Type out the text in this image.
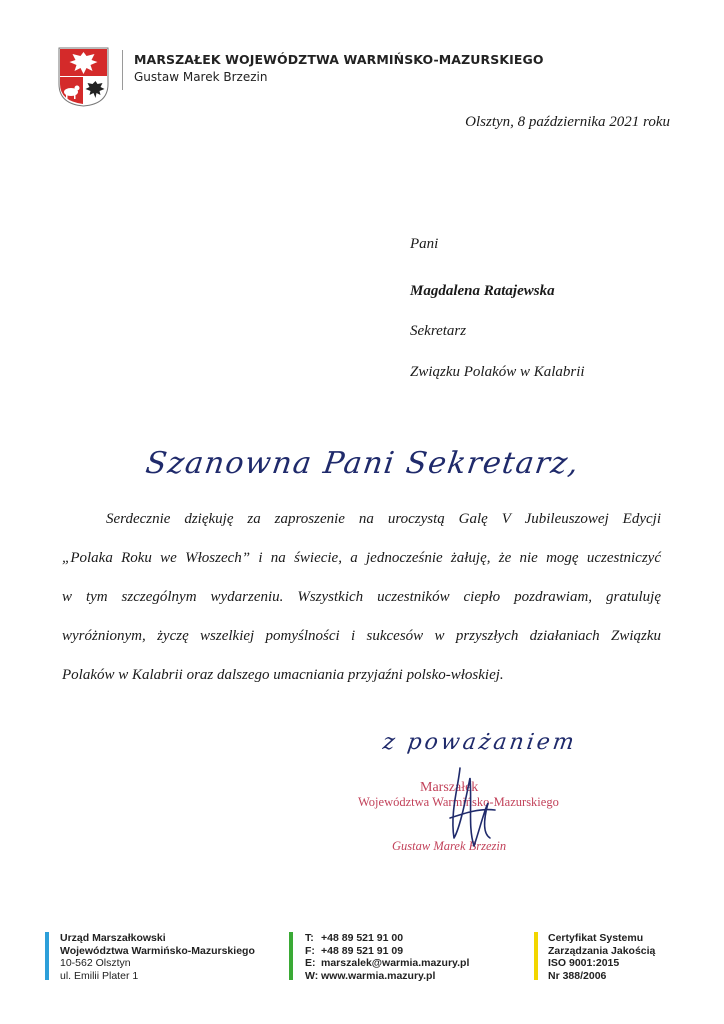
MARSZAŁEK WOJEWÓDZTWA WARMIŃSKO-MAZURSKIEGO
Gustaw Marek Brzezin
Olsztyn, 8 października 2021 roku
Pani
Magdalena Ratajewska
Sekretarz
Związku Polaków w Kalabrii
Szanowna Pani Sekretarz,
Serdecznie dziękuję za zaproszenie na uroczystą Galę V Jubileuszowej Edycji
„Polaka Roku we Włoszech” i na świecie, a jednocześnie żałuję, że nie mogę uczestniczyć
w tym szczególnym wydarzeniu. Wszystkich uczestników ciepło pozdrawiam, gratuluję
wyróżnionym, życzę wszelkiej pomyślności i sukcesów w przyszłych działaniach Związku
Polaków w Kalabrii oraz dalszego umacniania przyjaźni polsko-włoskiej.
z poważaniem
Marszałek
Województwa Warmińsko-Mazurskiego
Gustaw Marek Brzezin
Urząd Marszałkowski
Województwa Warmińsko-Mazurskiego
10-562 Olsztyn
ul. Emilii Plater 1
T: +48 89 521 91 00
F: +48 89 521 91 09
E: marszalek@warmia.mazury.pl
W: www.warmia.mazury.pl
Certyfikat Systemu
Zarządzania Jakością
ISO 9001:2015
Nr 388/2006
